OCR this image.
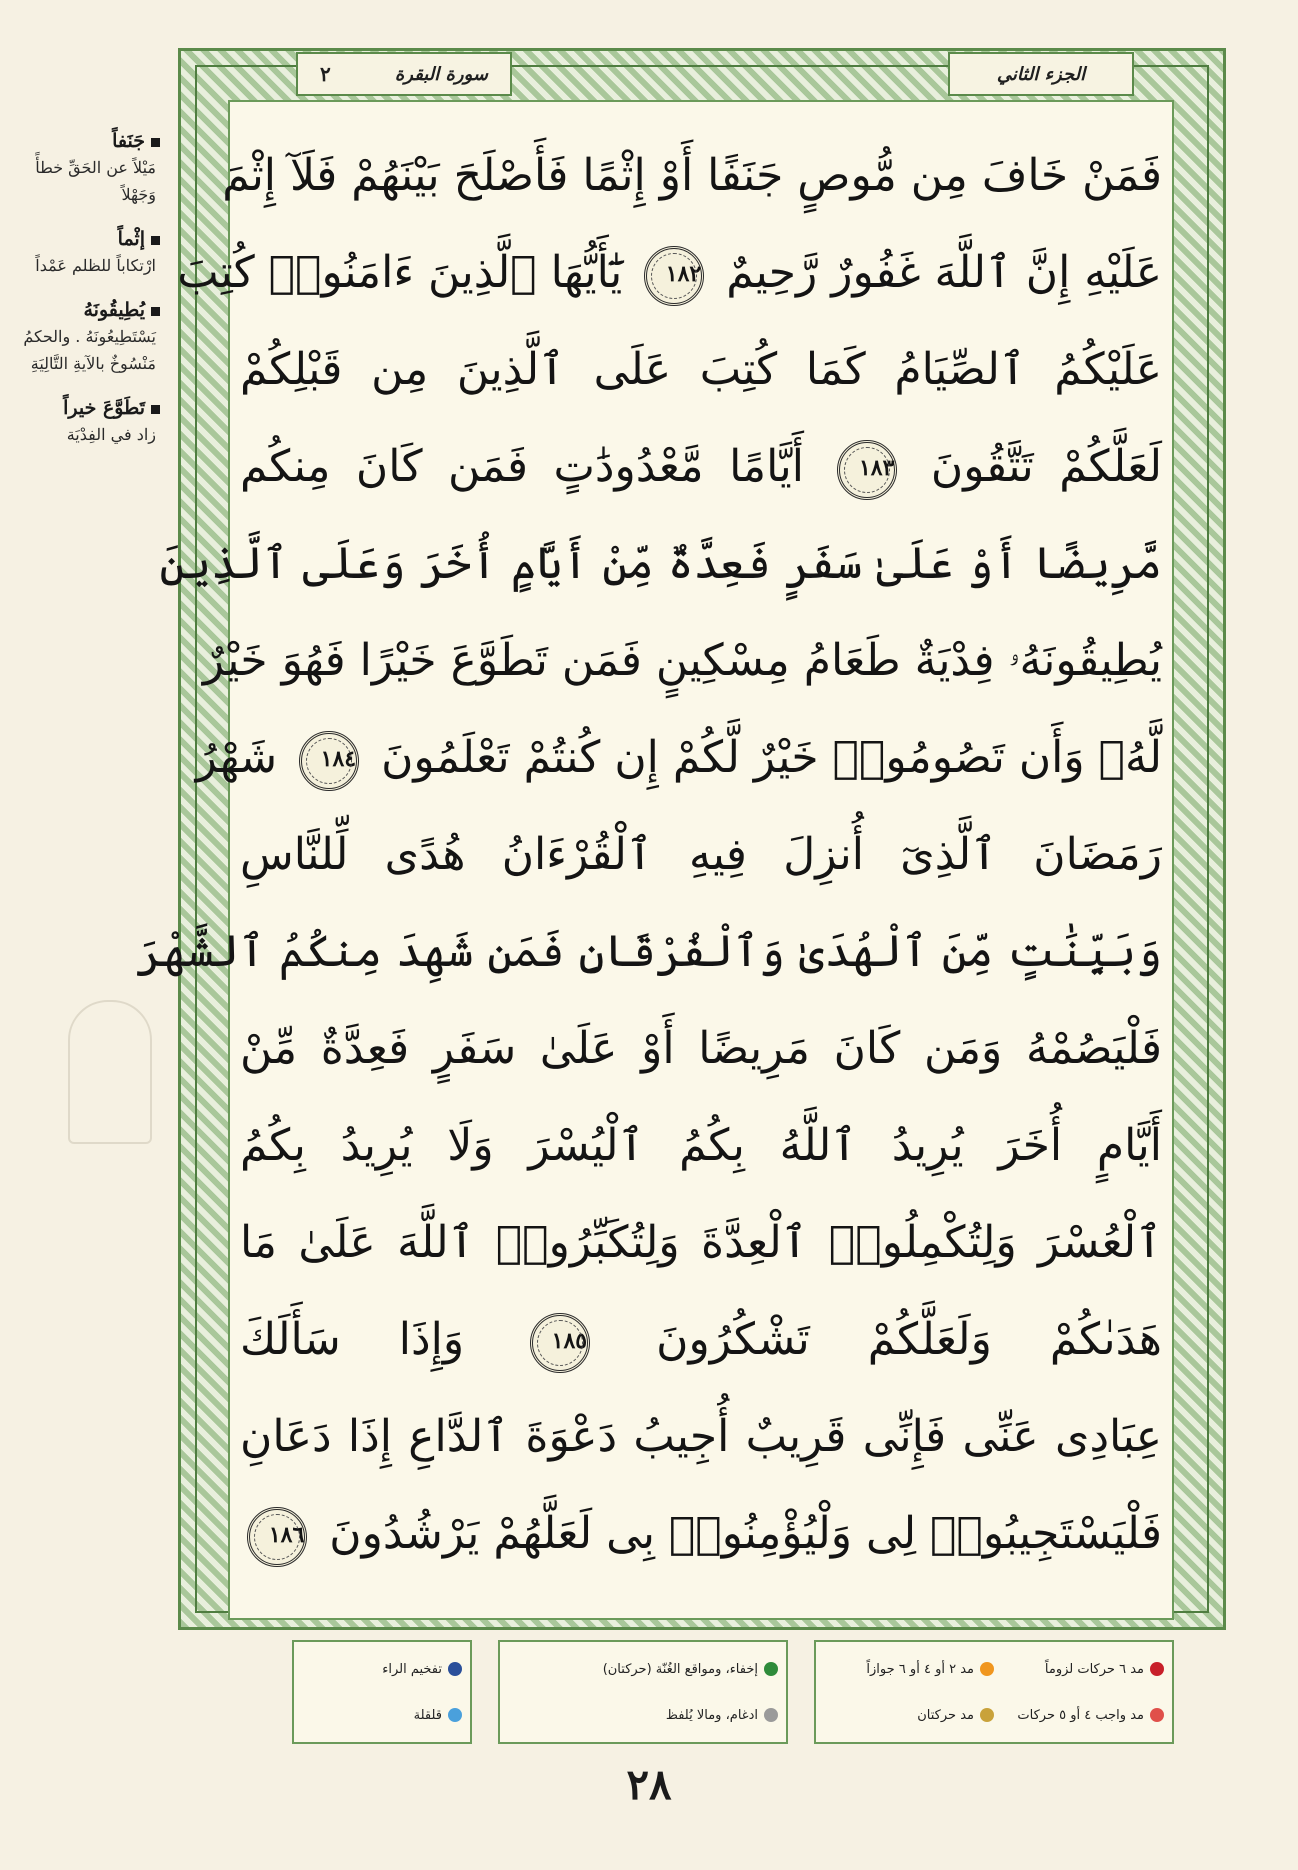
جَنَفاً
مَيْلاً عن الحَقِّ خطأً وَجَهْلاً
إثْماً
ارْتكاباً للظلم عَمْداً
يُطِيقُونَهُ
يَسْتَطِيعُونَهُ . والحكمُ مَنْسُوخٌ بالآيةِ التَّالِيَةِ
تَطَوَّعَ خيراً
زاد في الفِدْيَة
سورة البقرة
٢	الجزء الثاني
فَمَنْ خَافَ مِن مُّوصٍ جَنَفًا أَوْ إِثْمًا فَأَصْلَحَ بَيْنَهُمْ فَلَآ إِثْمَ
عَلَيْهِ إِنَّ ٱللَّهَ غَفُورٌ رَّحِيمٌ ١٨٢ يَٰٓأَيُّهَا ٱلَّذِينَ ءَامَنُوا۟ كُتِبَ
عَلَيْكُمُ ٱلصِّيَامُ كَمَا كُتِبَ عَلَى ٱلَّذِينَ مِن قَبْلِكُمْ
لَعَلَّكُمْ تَتَّقُونَ ١٨٣ أَيَّامًا مَّعْدُودَٰتٍ فَمَن كَانَ مِنكُم
مَّرِيضًا أَوْ عَلَىٰ سَفَرٍ فَعِدَّةٌ مِّنْ أَيَّامٍ أُخَرَ وَعَلَى ٱلَّذِينَ
يُطِيقُونَهُۥ فِدْيَةٌ طَعَامُ مِسْكِينٍ فَمَن تَطَوَّعَ خَيْرًا فَهُوَ خَيْرٌ
لَّهُۥ وَأَن تَصُومُوا۟ خَيْرٌ لَّكُمْ إِن كُنتُمْ تَعْلَمُونَ ١٨٤ شَهْرُ
رَمَضَانَ ٱلَّذِىٓ أُنزِلَ فِيهِ ٱلْقُرْءَانُ هُدًى لِّلنَّاسِ
وَبَيِّنَٰتٍ مِّنَ ٱلْهُدَىٰ وَٱلْفُرْقَانِ فَمَن شَهِدَ مِنكُمُ ٱلشَّهْرَ
فَلْيَصُمْهُ وَمَن كَانَ مَرِيضًا أَوْ عَلَىٰ سَفَرٍ فَعِدَّةٌ مِّنْ
أَيَّامٍ أُخَرَ يُرِيدُ ٱللَّهُ بِكُمُ ٱلْيُسْرَ وَلَا يُرِيدُ بِكُمُ
ٱلْعُسْرَ وَلِتُكْمِلُوا۟ ٱلْعِدَّةَ وَلِتُكَبِّرُوا۟ ٱللَّهَ عَلَىٰ مَا
هَدَىٰكُمْ وَلَعَلَّكُمْ تَشْكُرُونَ ١٨٥ وَإِذَا سَأَلَكَ
عِبَادِى عَنِّى فَإِنِّى قَرِيبٌ أُجِيبُ دَعْوَةَ ٱلدَّاعِ إِذَا دَعَانِ
فَلْيَسْتَجِيبُوا۟ لِى وَلْيُؤْمِنُوا۟ بِى لَعَلَّهُمْ يَرْشُدُونَ ١٨٦
مد ٦ حركات لزوماً
مد ٢ أو ٤ أو ٦ جوازاً
مد واجب ٤ أو ٥ حركات
مد حركتان
إخفاء، ومواقع الغُنّة (حركتان)
ادغام، ومالا يُلفظ
تفخيم الراء
قلقلة
٢٨
